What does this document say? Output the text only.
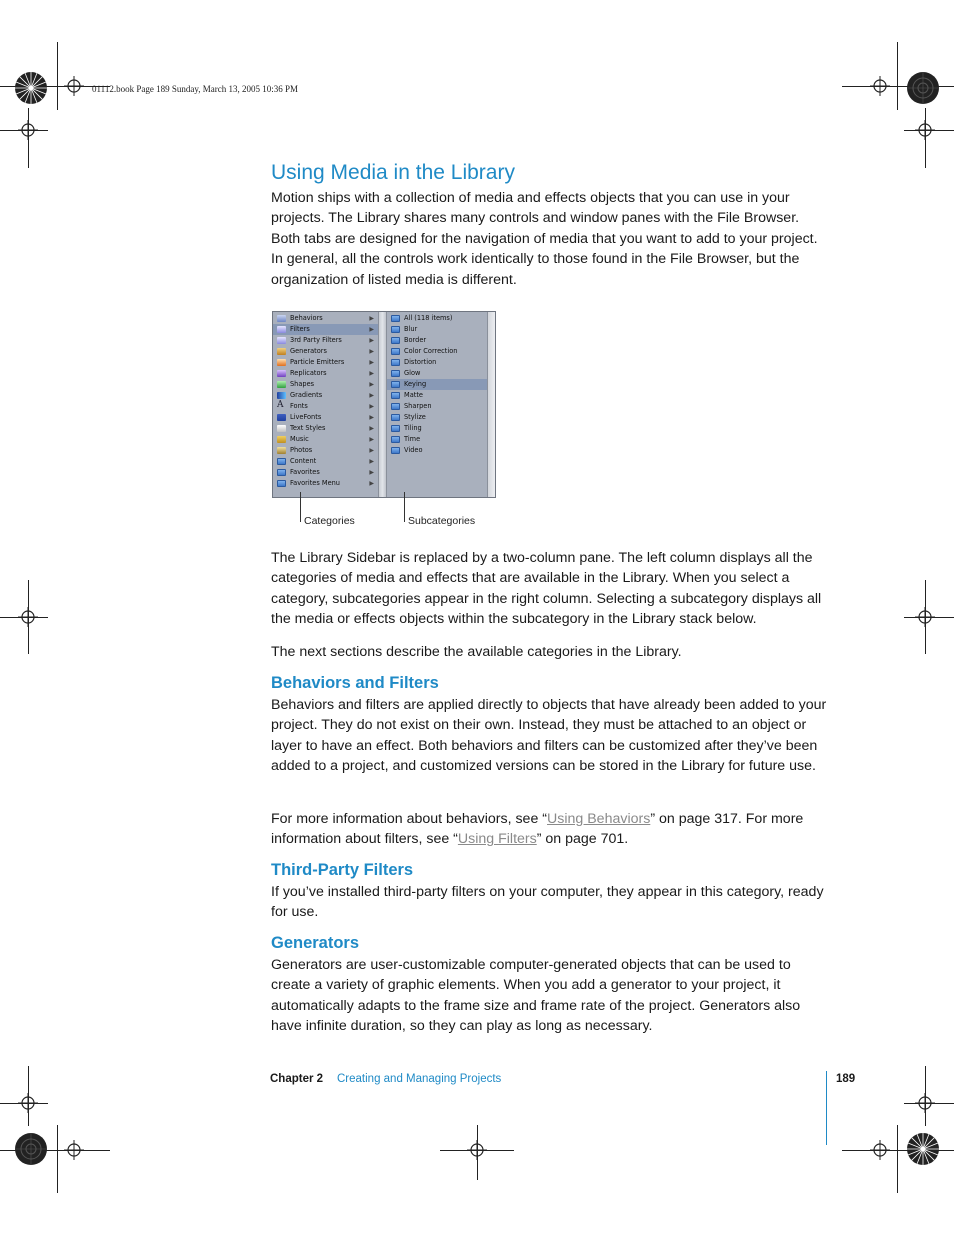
01112.book Page 189 Sunday, March 13, 2005 10:36 PM
Using Media in the Library

Motion ships with a collection of media and effects objects that you can use in your projects. The Library shares many controls and window panes with the File Browser. Both tabs are designed for the navigation of media that you want to add to your project. In general, all the controls work identically to those found in the File Browser, but the organization of listed media is different.

Behaviors	▶
Filters	▶
3rd Party Filters	▶
Generators	▶
Particle Emitters	▶
Replicators	▶
Shapes	▶
Gradients	▶
A Fonts	▶
LiveFonts	▶
Text Styles	▶
Music	▶
Photos	▶
Content	▶
Favorites	▶
Favorites Menu	▶
All (118 items)
Blur
Border
Color Correction
Distortion
Glow
Keying
Matte
Sharpen
Stylize
Tiling
Time
Video
Categories	Subcategories

The Library Sidebar is replaced by a two-column pane. The left column displays all the categories of media and effects that are available in the Library. When you select a category, subcategories appear in the right column. Selecting a subcategory displays all the media or effects objects within the subcategory in the Library stack below.

The next sections describe the available categories in the Library.

Behaviors and Filters

Behaviors and filters are applied directly to objects that have already been added to your project. They do not exist on their own. Instead, they must be attached to an object or layer to have an effect. Both behaviors and filters can be customized after they’ve been added to a project, and customized versions can be stored in the Library for future use.

For more information about behaviors, see “Using Behaviors” on page 317. For more information about filters, see “Using Filters” on page 701.

Third-Party Filters

If you’ve installed third-party filters on your computer, they appear in this category, ready for use.

Generators

Generators are user-customizable computer-generated objects that can be used to create a variety of graphic elements. When you add a generator to your project, it automatically adapts to the frame size and frame rate of the project. Generators also have infinite duration, so they can play as long as necessary.

Chapter 2 Creating and Managing Projects	189
